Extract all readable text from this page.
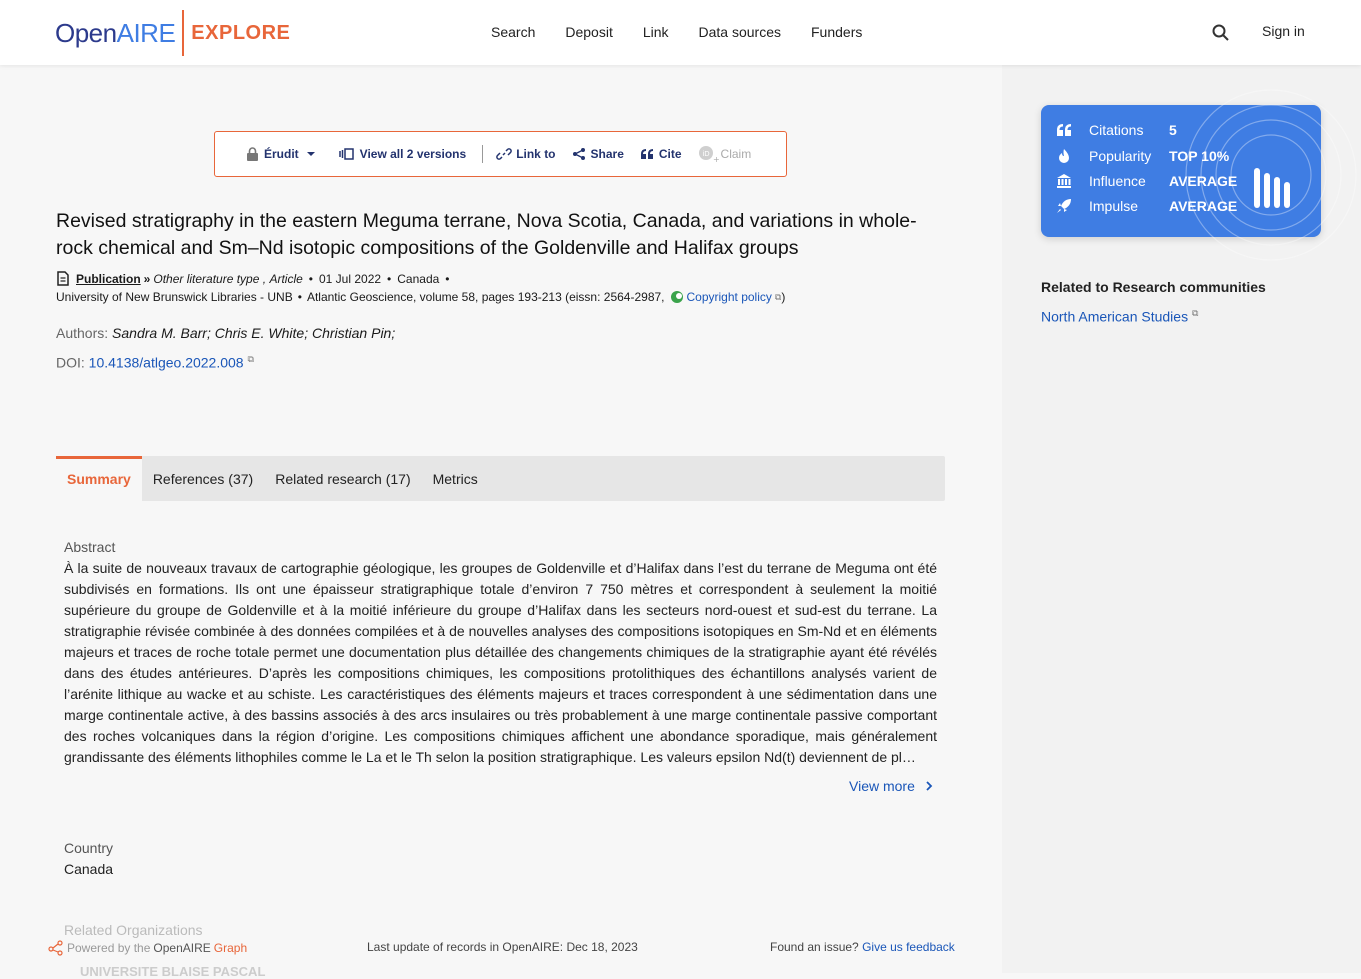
Open AIRE EXPLORE	Search Deposit Link Data sources Funders	Sign in
Érudit	View all 2 versions	Link to	Share	Cite	iD
+ Claim
Revised stratigraphy in the eastern Meguma terrane, Nova Scotia, Canada, and variations in whole-rock chemical and Sm–Nd isotopic compositions of the Goldenville and Halifax groups
Publication » Other literature type , Article • 01 Jul 2022 • Canada •
University of New Brunswick Libraries - UNB • Atlantic Geoscience, volume 58, pages 193-213 (eissn: 2564-2987, Copyright policy ⧉ )
Authors: Sandra M. Barr; Chris E. White; Christian Pin;
DOI: 10.4138/atlgeo.2022.008 ⧉
Summary	References (37)	Related research (17)	Metrics
Abstract
À la suite de nouveaux travaux de cartographie géologique, les groupes de Goldenville et d’Halifax dans l’est du terrane de Meguma ont été subdivisés en formations. Ils ont une épaisseur stratigraphique totale d’environ 7 750 mètres et correspondent à seulement la moitié supérieure du groupe de Goldenville et à la moitié inférieure du groupe d’Halifax dans les secteurs nord-ouest et sud-est du terrane. La stratigraphie révisée combinée à des données compilées et à de nouvelles analyses des compositions isotopiques en Sm-Nd et en éléments majeurs et traces de roche totale permet une documentation plus détaillée des changements chimiques de la stratigraphie ayant été révélés dans des études antérieures. D’après les compositions chimiques, les compositions protolithiques des échantillons analysés varient de l’arénite lithique au wacke et au schiste. Les caractéristiques des éléments majeurs et traces correspondent à une sédimentation dans une marge continentale active, à des bassins associés à des arcs insulaires ou très probablement à une marge continentale passive comportant des roches volcaniques dans la région d’origine. Les compositions chimiques affichent une abondance sporadique, mais généralement grandissante des éléments lithophiles comme le La et le Th selon la position stratigraphique. Les valeurs epsilon Nd(t) deviennent de pl…
View more
Country
Canada
Related Organizations
UNIVERSITE BLAISE PASCAL
Powered by the OpenAIRE Graph	Last update of records in OpenAIRE: Dec 18, 2023	Found an issue? Give us feedback
Citations	5
Popularity	TOP 10%
Influence	AVERAGE
Impulse	AVERAGE
Related to Research communities
North American Studies ⧉
